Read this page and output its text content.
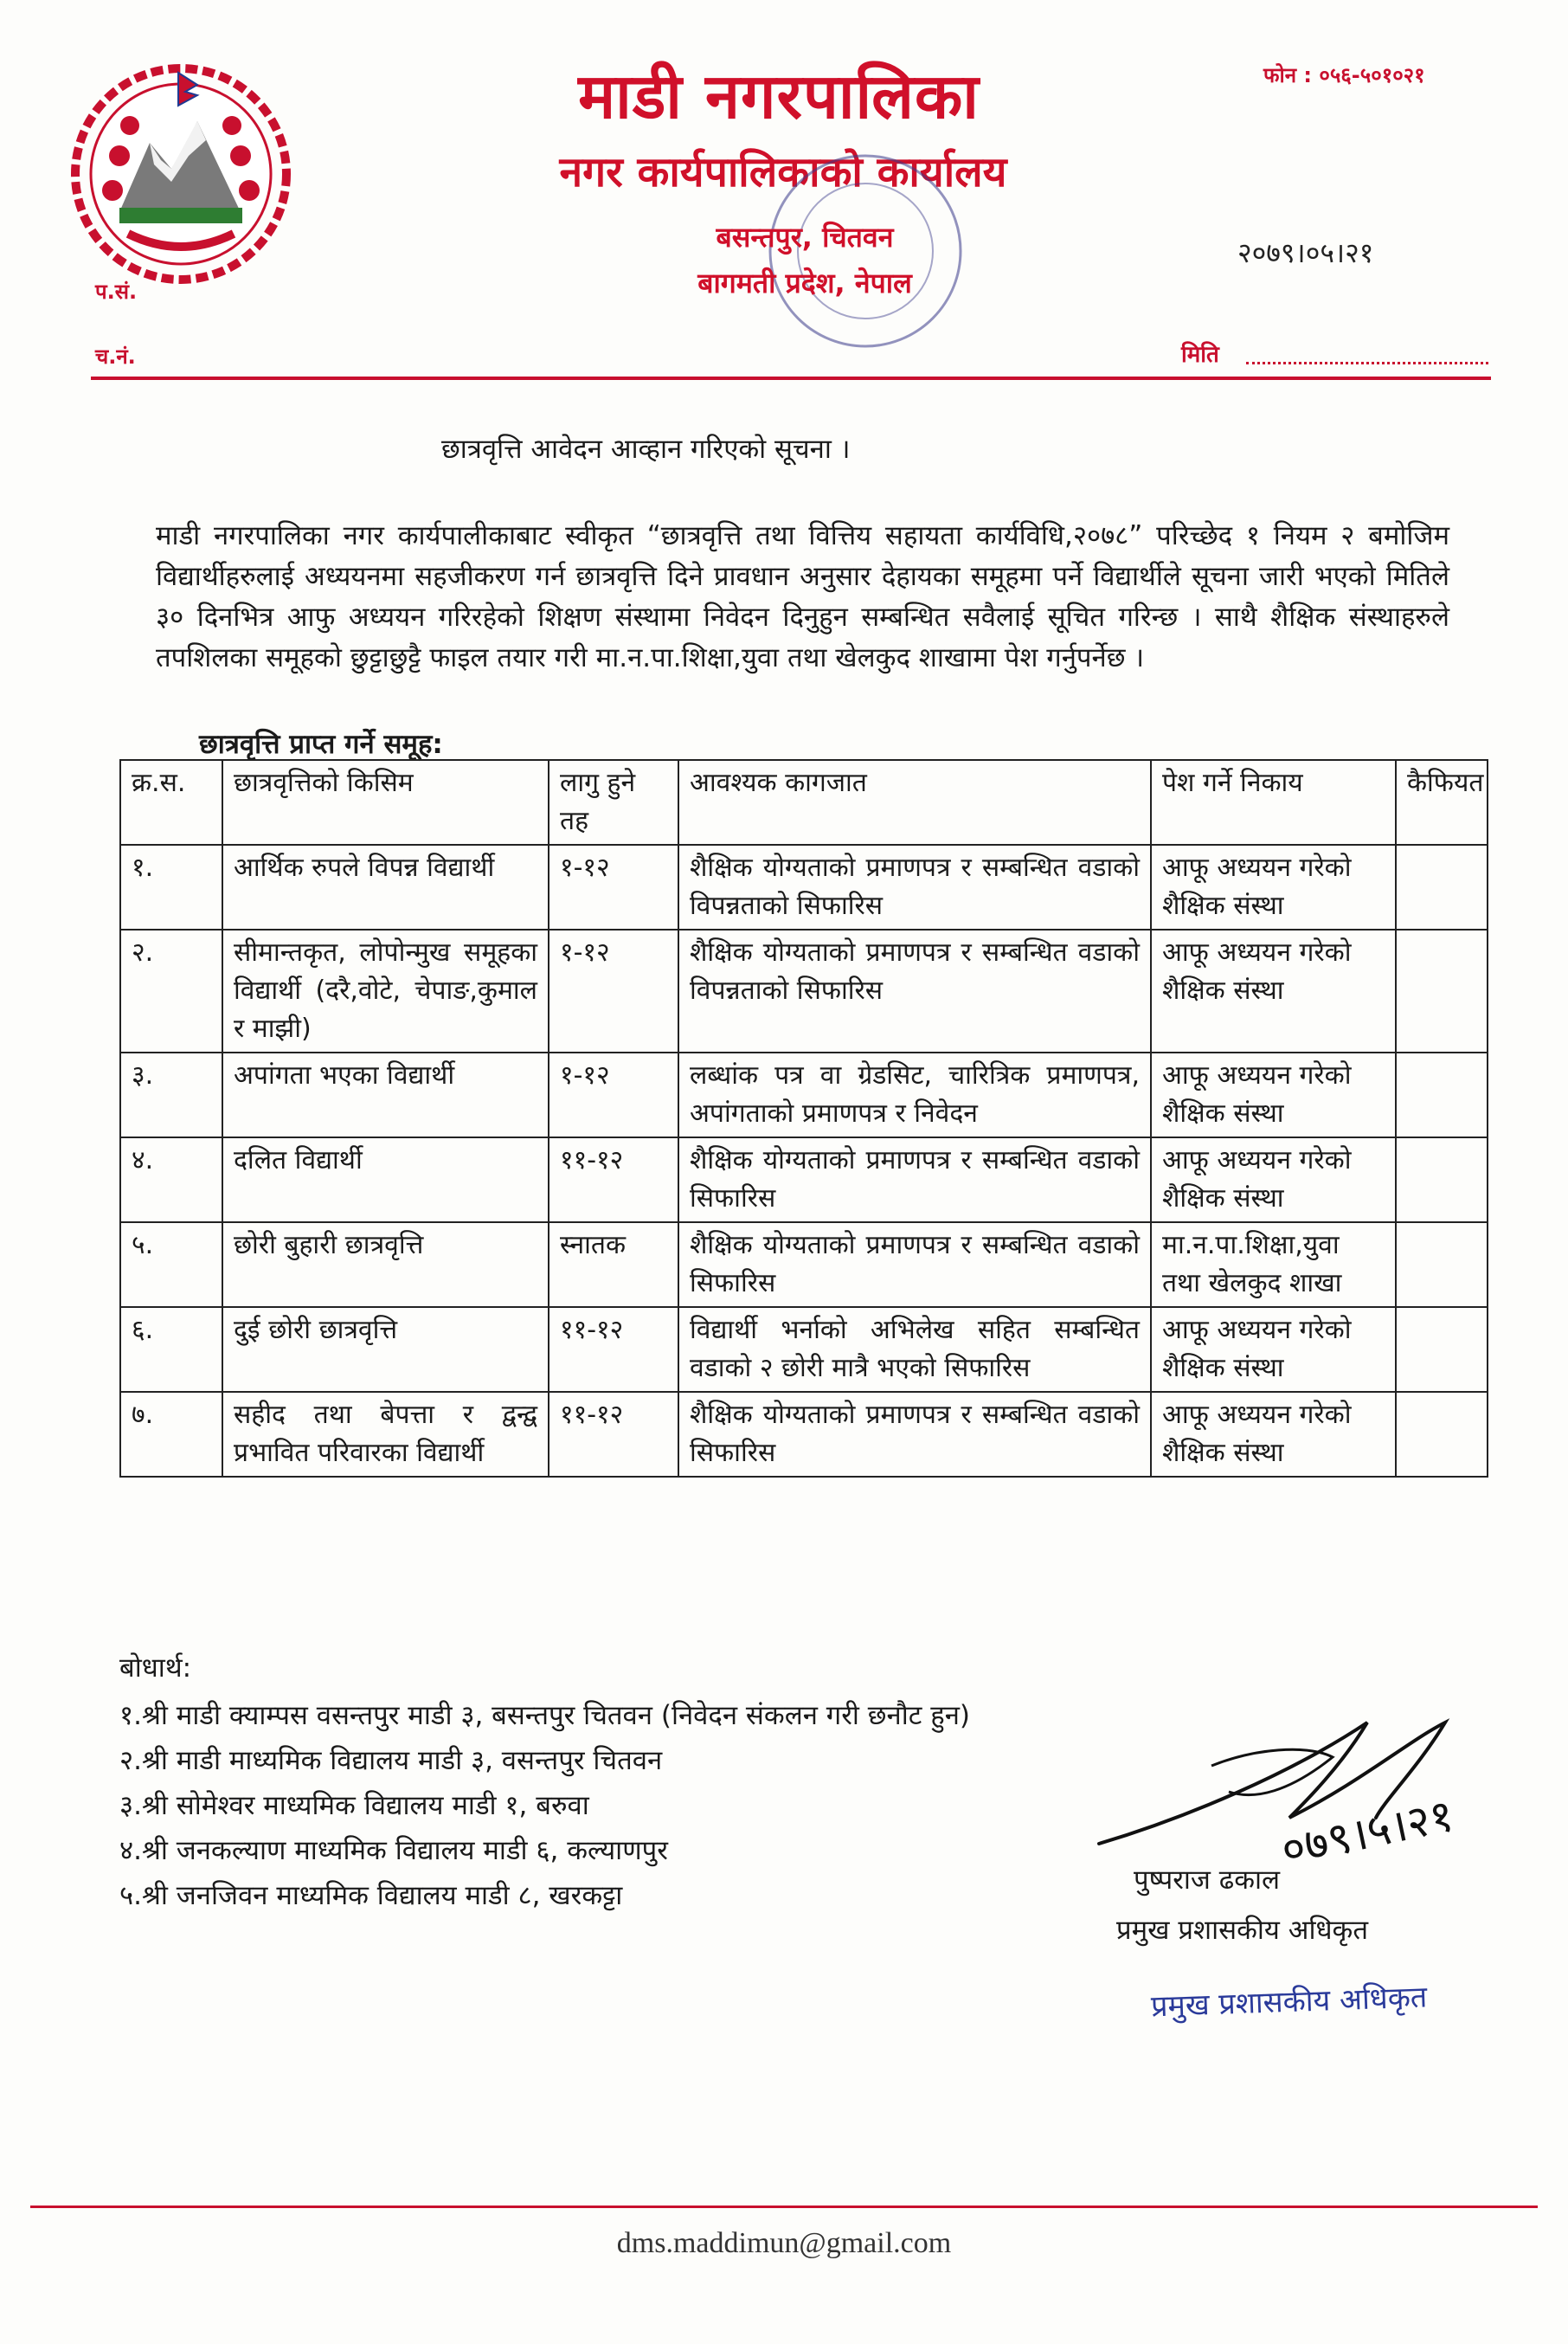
माडी नगरपालिका
नगर कार्यपालिकाको कार्यालय
बसन्तपुर, चितवन
बागमती प्रदेश, नेपाल
फोन : ०५६-५०१०२१
२०७९।०५।२१
प.सं.
च.नं.	मिति
छात्रवृत्ति आवेदन आव्हान गरिएको सूचना ।
माडी नगरपालिका नगर कार्यपालीकाबाट स्वीकृत “छात्रवृत्ति तथा वित्तिय सहायता कार्यविधि,२०७८” परिच्छेद १ नियम २ बमोजिम विद्यार्थीहरुलाई अध्ययनमा सहजीकरण गर्न छात्रवृत्ति दिने प्रावधान अनुसार देहायका समूहमा पर्ने विद्यार्थीले सूचना जारी भएको मितिले ३० दिनभित्र आफु अध्ययन गरिरहेको शिक्षण संस्थामा निवेदन दिनुहुन सम्बन्धित सवैलाई सूचित गरिन्छ । साथै शैक्षिक संस्थाहरुले तपशिलका समूहको छुट्टाछुट्टै फाइल तयार गरी मा.न.पा.शिक्षा,युवा तथा खेलकुद शाखामा पेश गर्नुपर्नेछ ।
छात्रवृत्ति प्राप्त गर्ने समूह:
क्र.स.	छात्रवृत्तिको किसिम	लागु हुने तह	आवश्यक कागजात	पेश गर्ने निकाय	कैफियत
१.	आर्थिक रुपले विपन्न विद्यार्थी	१-१२	शैक्षिक योग्यताको प्रमाणपत्र र सम्बन्धित वडाको विपन्नताको सिफारिस	आफू अध्ययन गरेको शैक्षिक संस्था	
२.	सीमान्तकृत, लोपोन्मुख समूहका विद्यार्थी (दरै,वोटे, चेपाङ,कुमाल र माझी)	१-१२	शैक्षिक योग्यताको प्रमाणपत्र र सम्बन्धित वडाको विपन्नताको सिफारिस	आफू अध्ययन गरेको शैक्षिक संस्था	
३.	अपांगता भएका विद्यार्थी	१-१२	लब्धांक पत्र वा ग्रेडसिट, चारित्रिक प्रमाणपत्र, अपांगताको प्रमाणपत्र र निवेदन	आफू अध्ययन गरेको शैक्षिक संस्था	
४.	दलित विद्यार्थी	११-१२	शैक्षिक योग्यताको प्रमाणपत्र र सम्बन्धित वडाको सिफारिस	आफू अध्ययन गरेको शैक्षिक संस्था	
५.	छोरी बुहारी छात्रवृत्ति	स्नातक	शैक्षिक योग्यताको प्रमाणपत्र र सम्बन्धित वडाको सिफारिस	मा.न.पा.शिक्षा,युवा तथा खेलकुद शाखा	
६.	दुई छोरी छात्रवृत्ति	११-१२	विद्यार्थी भर्नाको अभिलेख सहित सम्बन्धित वडाको २ छोरी मात्रै भएको सिफारिस	आफू अध्ययन गरेको शैक्षिक संस्था	
७.	सहीद तथा बेपत्ता र द्वन्द्व प्रभावित परिवारका विद्यार्थी	११-१२	शैक्षिक योग्यताको प्रमाणपत्र र सम्बन्धित वडाको सिफारिस	आफू अध्ययन गरेको शैक्षिक संस्था	
बोधार्थ:
१.श्री माडी क्याम्पस वसन्तपुर माडी ३, बसन्तपुर चितवन (निवेदन संकलन गरी छनौट हुन)
२.श्री माडी माध्यमिक विद्यालय माडी ३, वसन्तपुर चितवन
३.श्री सोमेश्वर माध्यमिक विद्यालय माडी १, बरुवा
४.श्री जनकल्याण माध्यमिक विद्यालय माडी ६, कल्याणपुर
५.श्री जनजिवन माध्यमिक विद्यालय माडी ८, खरकट्टा
०७९।५।२१
पुष्पराज ढकाल
प्रमुख प्रशासकीय अधिकृत
प्रमुख प्रशासकीय अधिकृत
dms.maddimun@gmail.com
